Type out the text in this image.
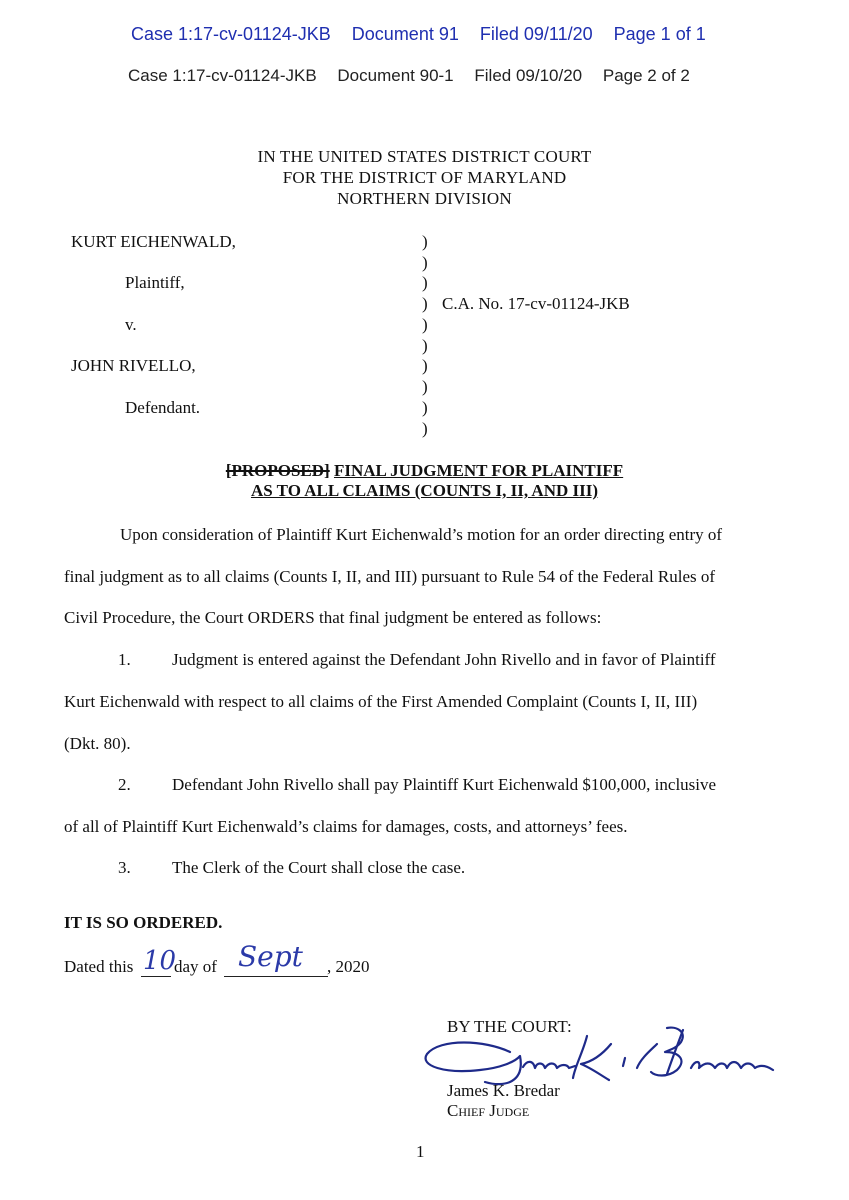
Case 1:17-cv-01124-JKB Document 91 Filed 09/11/20 Page 1 of 1
Case 1:17-cv-01124-JKB Document 90-1 Filed 09/10/20 Page 2 of 2
IN THE UNITED STATES DISTRICT COURT
FOR THE DISTRICT OF MARYLAND
NORTHERN DIVISION
KURT EICHENWALD,
Plaintiff,
v.
JOHN RIVELLO,
Defendant.
C.A. No. 17-cv-01124-JKB
)
)
)
)
)
)
)
)
)
)
[PROPOSED] FINAL JUDGMENT FOR PLAINTIFF
AS TO ALL CLAIMS (COUNTS I, II, AND III)
Upon consideration of Plaintiff Kurt Eichenwald’s motion for an order directing entry of
final judgment as to all claims (Counts I, II, and III) pursuant to Rule 54 of the Federal Rules of
Civil Procedure, the Court ORDERS that final judgment be entered as follows:
1. Judgment is entered against the Defendant John Rivello and in favor of Plaintiff
Kurt Eichenwald with respect to all claims of the First Amended Complaint (Counts I, II, III)
(Dkt. 80).
2. Defendant John Rivello shall pay Plaintiff Kurt Eichenwald $100,000, inclusive
of all of Plaintiff Kurt Eichenwald’s claims for damages, costs, and attorneys’ fees.
3. The Clerk of the Court shall close the case.
IT IS SO ORDERED.
Dated this 10
day of Sept , 2020
BY THE COURT:
James K. Bredar
Chief Judge
1
